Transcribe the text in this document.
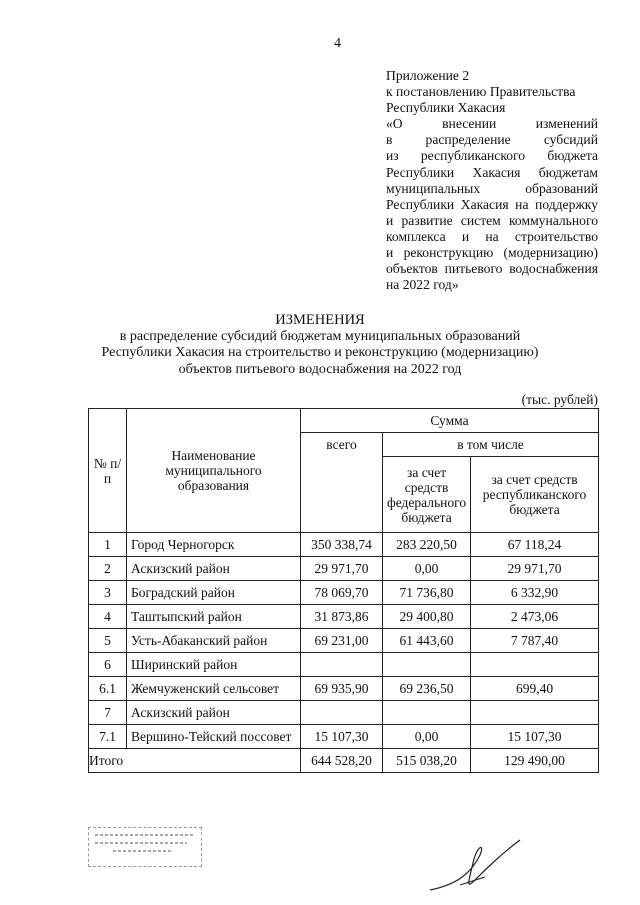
4
Приложение 2
к постановлению Правительства
Республики Хакасия
«О внесении изменений
в распределение субсидий
из республиканского бюджета
Республики Хакасия бюджетам
муниципальных образований
Республики Хакасия на поддержку
и развитие систем коммунального
комплекса и на строительство
и реконструкцию (модернизацию)
объектов питьевого водоснабжения
на 2022 год»
ИЗМЕНЕНИЯ
в распределение субсидий бюджетам муниципальных образований
Республики Хакасия на строительство и реконструкцию (модернизацию)
объектов питьевого водоснабжения на 2022 год
(тыс. рублей)
№ п/п	Наименование муниципального образования	Сумма		
		всего	в том числе	
			за счет средств федерального бюджета	за счет средств республиканского бюджета
1	Город Черногорск	350 338,74	283 220,50	67 118,24
2	Аскизский район	29 971,70	0,00	29 971,70
3	Боградский район	78 069,70	71 736,80	6 332,90
4	Таштыпский район	31 873,86	29 400,80	2 473,06
5	Усть-Абаканский район	69 231,00	61 443,60	7 787,40
6	Ширинский район			
6.1	Жемчуженский сельсовет	69 935,90	69 236,50	699,40
7	Аскизский район			
7.1	Вершино-Тейский поссовет	15 107,30	0,00	15 107,30
Итого		644 528,20	515 038,20	129 490,00
